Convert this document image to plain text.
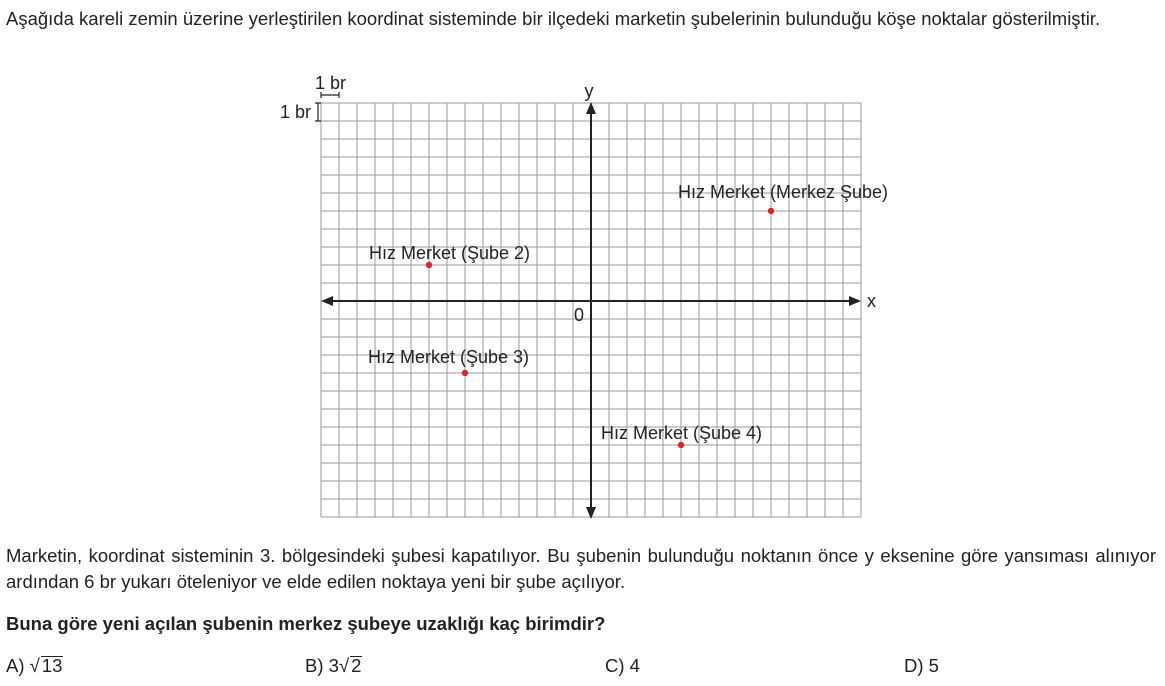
Aşağıda kareli zemin üzerine yerleştirilen koordinat sisteminde bir ilçedeki marketin şubelerinin bulunduğu köşe noktalar gösterilmiştir.

Hız Merket (Merkez Şube)
Hız Merket (Şube 2)
Hız Merket (Şube 3)
Hız Merket (Şube 4)
x
y
0
1 br
1 br

Marketin, koordinat sisteminin 3. bölgesindeki şubesi kapatılıyor. Bu şubenin bulunduğu noktanın önce y eksenine göre yansıması alınıyor ardından 6 br yukarı öteleniyor ve elde edilen noktaya yeni bir şube açılıyor.

Buna göre yeni açılan şubenin merkez şubeye uzaklığı kaç birimdir?

A) √ 13	B) 3√ 2	C) 4	D) 5
